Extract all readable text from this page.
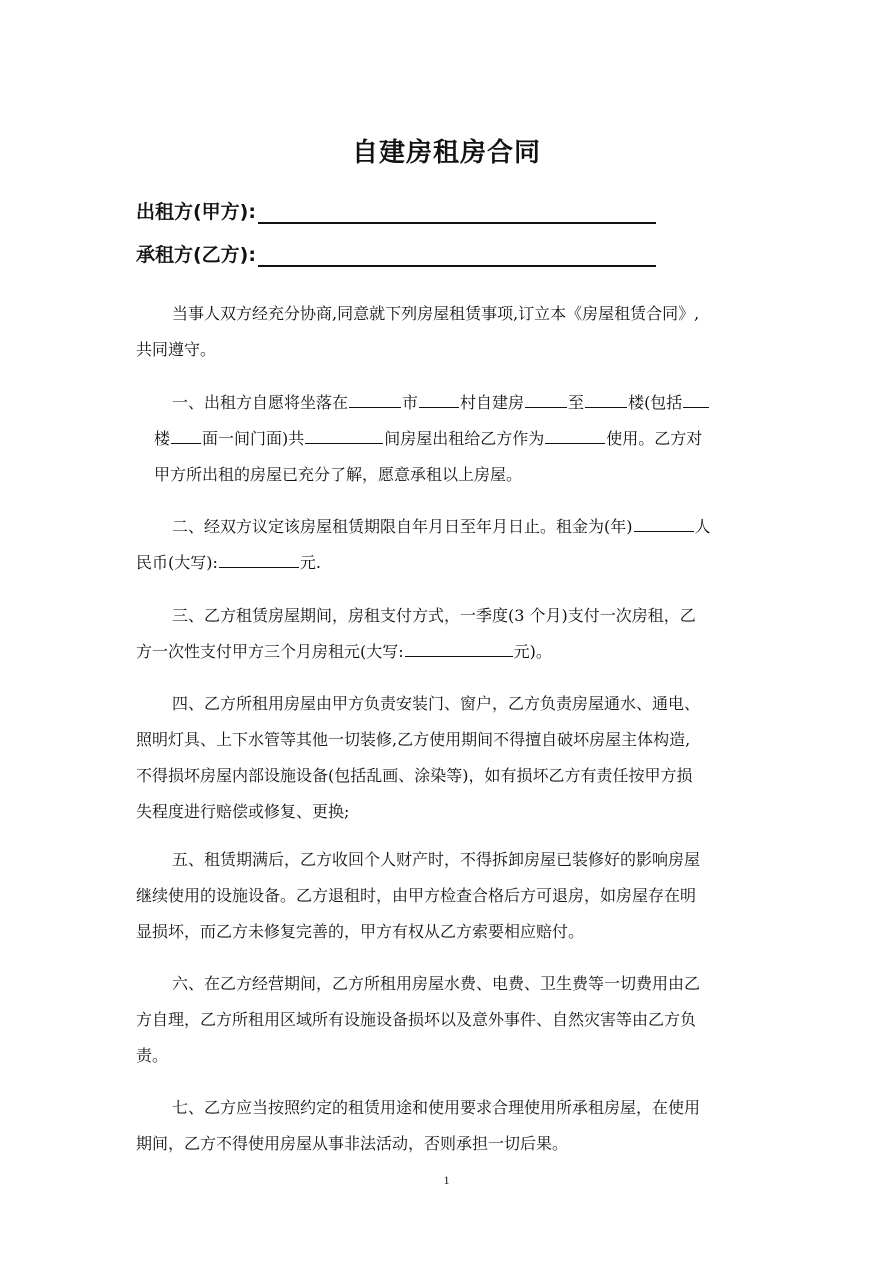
自建房租房合同
出租方(甲方):
承租方(乙方):
当事人双方经充分协商,同意就下列房屋租赁事项,订立本《房屋租赁合同》,
共同遵守。
一、出租方自愿将坐落在	市	村自建房	至	楼(包括
楼 面一间门面)共	间房屋出租给乙方作为	使用。乙方对
甲方所出租的房屋已充分了解，愿意承租以上房屋。
二、经双方议定该房屋租赁期限自年月日至年月日止。租金为(年)	人
民币(大写):	元.
三、乙方租赁房屋期间，房租支付方式，一季度(3 个月)支付一次房租，乙
方一次性支付甲方三个月房租元(大写:	元)。
四、乙方所租用房屋由甲方负责安装门、窗户，乙方负责房屋通水、通电、
照明灯具、上下水管等其他一切装修,乙方使用期间不得擅自破坏房屋主体构造,
不得损坏房屋内部设施设备(包括乱画、涂染等)，如有损坏乙方有责任按甲方损
失程度进行赔偿或修复、更换;
五、租赁期满后，乙方收回个人财产时，不得拆卸房屋已装修好的影响房屋
继续使用的设施设备。乙方退租时，由甲方检查合格后方可退房，如房屋存在明
显损坏，而乙方未修复完善的，甲方有权从乙方索要相应赔付。
六、在乙方经营期间，乙方所租用房屋水费、电费、卫生费等一切费用由乙
方自理，乙方所租用区域所有设施设备损坏以及意外事件、自然灾害等由乙方负
责。
七、乙方应当按照约定的租赁用途和使用要求合理使用所承租房屋，在使用
期间，乙方不得使用房屋从事非法活动，否则承担一切后果。
1
